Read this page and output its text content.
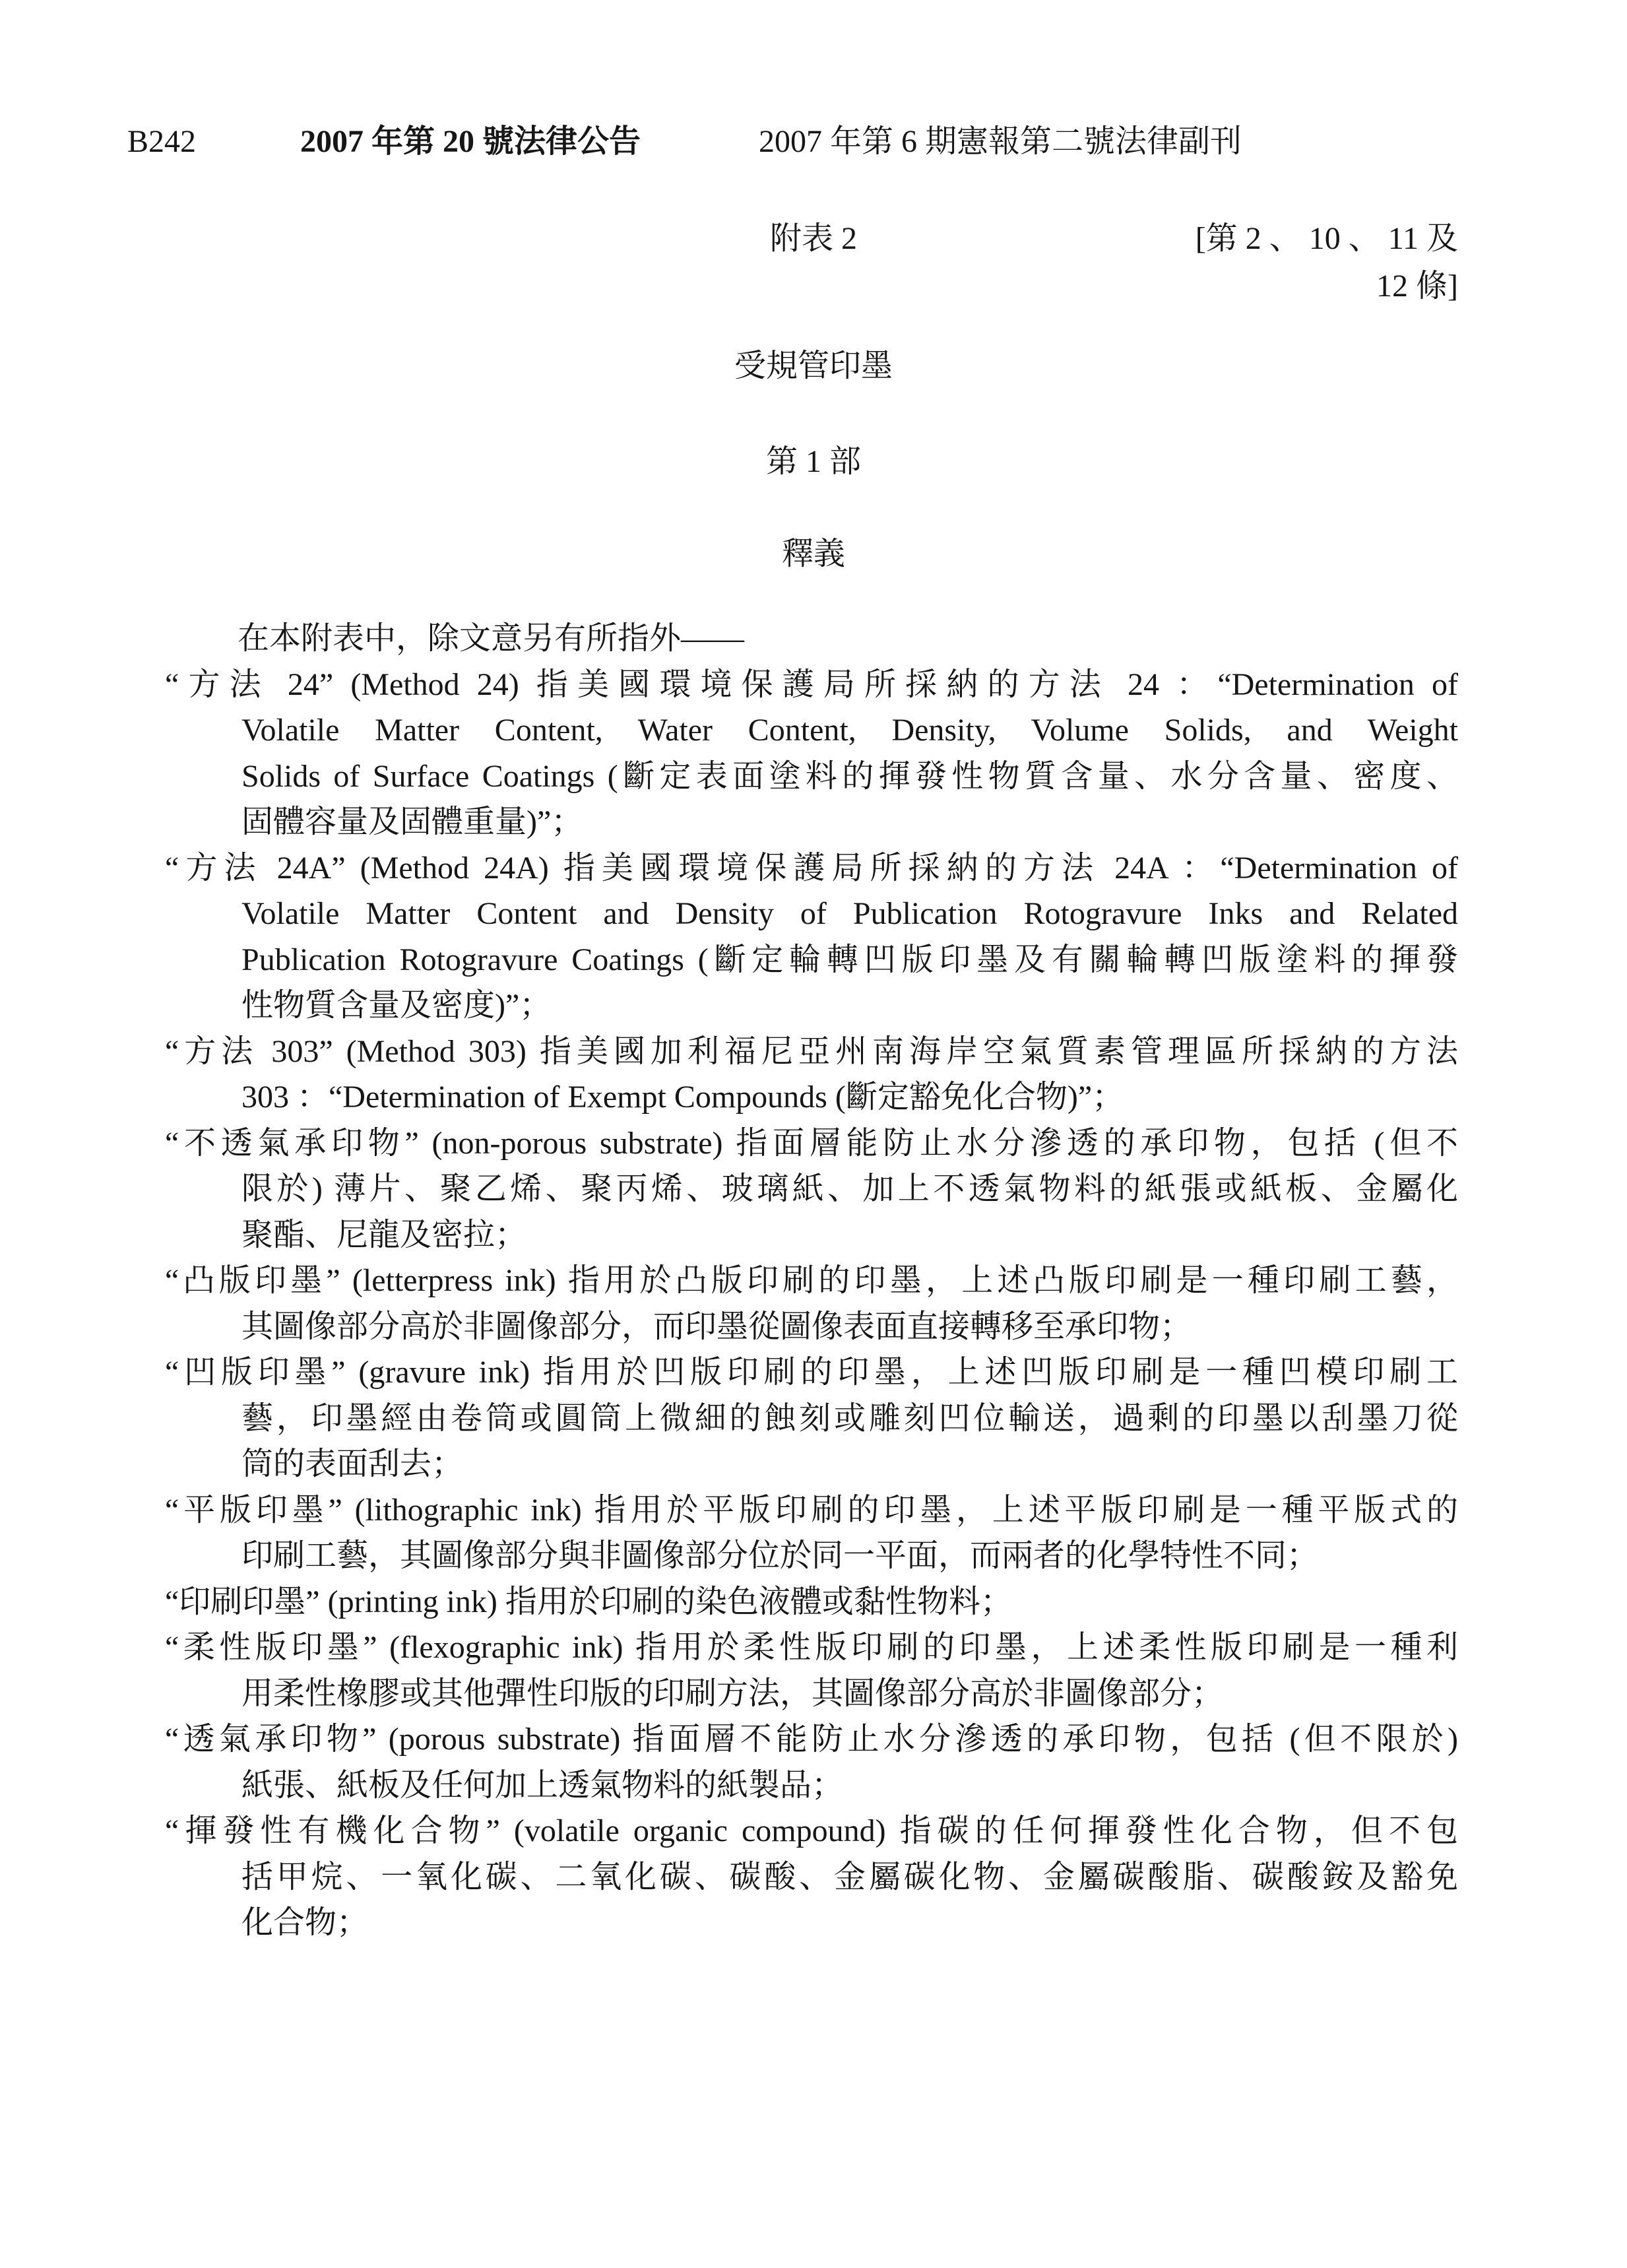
B242	2007 年第 20 號法律公告	2007 年第 6 期憲報第二號法律副刊
附表 2	[第 2 、 10 、 11 及
12 條]
受規管印墨
第 1 部
釋義
在本附表中，除文意另有所指外——
“方法 24” (Method 24) 指美國環境保護局所採納的方法 24 ：“Determination of
Volatile Matter Content, Water Content, Density, Volume Solids, and Weight
Solids of Surface Coatings (斷定表面塗料的揮發性物質含量、水分含量、密度、
固體容量及固體重量)”；
“方法 24A” (Method 24A) 指美國環境保護局所採納的方法 24A ：“Determination of
Volatile Matter Content and Density of Publication Rotogravure Inks and Related
Publication Rotogravure Coatings (斷定輪轉凹版印墨及有關輪轉凹版塗料的揮發
性物質含量及密度)”；
“方法 303” (Method 303) 指美國加利福尼亞州南海岸空氣質素管理區所採納的方法
303 ：“Determination of Exempt Compounds (斷定豁免化合物)”；
“不透氣承印物” (non-porous substrate) 指面層能防止水分滲透的承印物，包括 (但不
限於) 薄片、聚乙烯、聚丙烯、玻璃紙、加上不透氣物料的紙張或紙板、金屬化
聚酯、尼龍及密拉；
“凸版印墨” (letterpress ink) 指用於凸版印刷的印墨，上述凸版印刷是一種印刷工藝，
其圖像部分高於非圖像部分，而印墨從圖像表面直接轉移至承印物；
“凹版印墨” (gravure ink) 指用於凹版印刷的印墨，上述凹版印刷是一種凹模印刷工
藝，印墨經由卷筒或圓筒上微細的蝕刻或雕刻凹位輸送，過剩的印墨以刮墨刀從
筒的表面刮去；
“平版印墨” (lithographic ink) 指用於平版印刷的印墨，上述平版印刷是一種平版式的
印刷工藝，其圖像部分與非圖像部分位於同一平面，而兩者的化學特性不同；
“印刷印墨” (printing ink) 指用於印刷的染色液體或黏性物料；
“柔性版印墨” (flexographic ink) 指用於柔性版印刷的印墨，上述柔性版印刷是一種利
用柔性橡膠或其他彈性印版的印刷方法，其圖像部分高於非圖像部分；
“透氣承印物” (porous substrate) 指面層不能防止水分滲透的承印物，包括 (但不限於)
紙張、紙板及任何加上透氣物料的紙製品；
“揮發性有機化合物” (volatile organic compound) 指碳的任何揮發性化合物，但不包
括甲烷、一氧化碳、二氧化碳、碳酸、金屬碳化物、金屬碳酸脂、碳酸銨及豁免
化合物；
